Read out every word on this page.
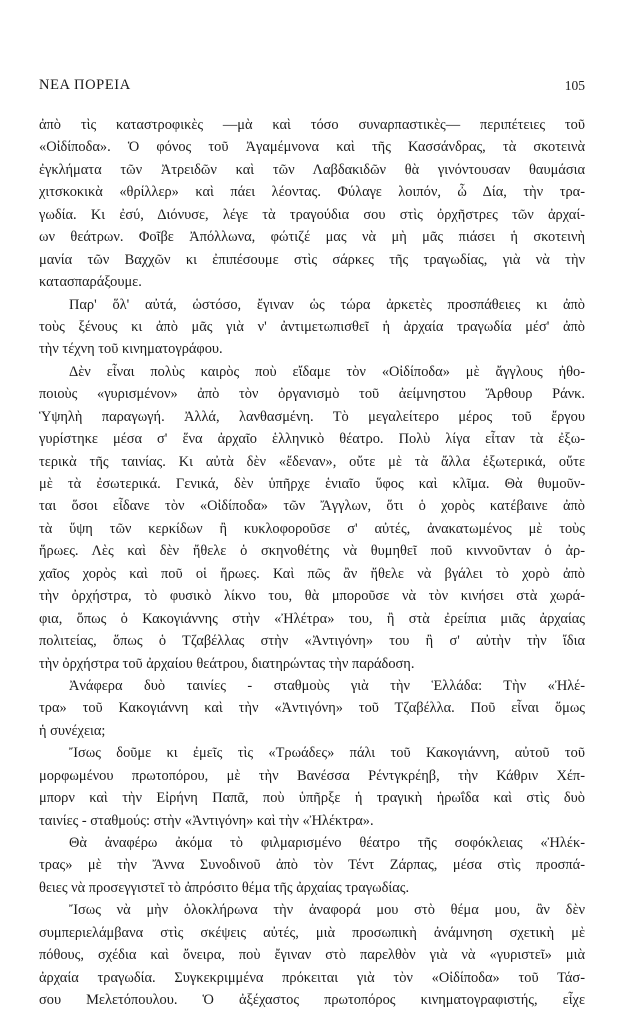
ΝΕΑ ΠΟΡΕΙΑ	105
ἀπὸ τὶς καταστροφικὲς —μὰ καὶ τόσο συναρπαστικὲς— περιπέτειες τοῦ
«Οἰδίποδα». Ὁ φόνος τοῦ Ἀγαμέμνονα καὶ τῆς Κασσάνδρας, τὰ σκοτεινὰ
ἐγκλήματα τῶν Ἀτρειδῶν καὶ τῶν Λαβδακιδῶν θὰ γινόντουσαν θαυμάσια
χιτσκοκικὰ «θρίλλερ» καὶ πάει λέοντας. Φύλαγε λοιπόν, ὦ Δία, τὴν τρα-
γωδία. Κι ἐσύ, Διόνυσε, λέγε τὰ τραγούδια σου στὶς ὀρχῆστρες τῶν ἀρχαί-
ων θεάτρων. Φοῖβε Ἀπόλλωνα, φώτιζέ μας νὰ μὴ μᾶς πιάσει ἡ σκοτεινὴ
μανία τῶν Βαχχῶν κι ἐπιπέσουμε στὶς σάρκες τῆς τραγωδίας, γιὰ νὰ τὴν
κατασπαράξουμε.
Παρ' ὅλ' αὐτά, ὡστόσο, ἔγιναν ὡς τώρα ἀρκετὲς προσπάθειες κι ἀπὸ
τοὺς ξένους κι ἀπὸ μᾶς γιὰ ν' ἀντιμετωπισθεῖ ἡ ἀρχαία τραγωδία μέσ' ἀπὸ
τὴν τέχνη τοῦ κινηματογράφου.
Δὲν εἶναι πολὺς καιρὸς ποὺ εἴδαμε τὸν «Οἰδίποδα» μὲ ἄγγλους ἠθο-
ποιοὺς «γυρισμένον» ἀπὸ τὸν ὀργανισμὸ τοῦ ἀείμνηστου Ἄρθουρ Ράνκ.
Ὑψηλὴ παραγωγή. Ἀλλά, λανθασμένη. Τὸ μεγαλείτερο μέρος τοῦ ἔργου
γυρίστηκε μέσα σ' ἕνα ἀρχαῖο ἑλληνικὸ θέατρο. Πολὺ λίγα εἶταν τὰ ἐξω-
τερικὰ τῆς ταινίας. Κι αὐτὰ δὲν «ἔδεναν», οὔτε μὲ τὰ ἄλλα ἐξωτερικά, οὔτε
μὲ τὰ ἐσωτερικά. Γενικά, δὲν ὑπῆρχε ἑνιαῖο ὕφος καὶ κλῖμα. Θὰ θυμοῦν-
ται ὅσοι εἶδανε τὸν «Οἰδίποδα» τῶν Ἄγγλων, ὅτι ὁ χορὸς κατέβαινε ἀπὸ
τὰ ὕψη τῶν κερκίδων ἢ κυκλοφοροῦσε σ' αὐτές, ἀνακατωμένος μὲ τοὺς
ἥρωες. Λὲς καὶ δὲν ἤθελε ὁ σκηνοθέτης νὰ θυμηθεῖ ποῦ κιννοῦνταν ὁ ἀρ-
χαῖος χορὸς καὶ ποῦ οἱ ἥρωες. Καὶ πῶς ἂν ἤθελε νὰ βγάλει τὸ χορὸ ἀπὸ
τὴν ὀρχήστρα, τὸ φυσικὸ λίκνο του, θὰ μποροῦσε νὰ τὸν κινήσει στὰ χωρά-
φια, ὅπως ὁ Κακογιάννης στὴν «Ἠλέτρα» του, ἢ στὰ ἐρείπια μιᾶς ἀρχαίας
πολιτείας, ὅπως ὁ Τζαβέλλας στὴν «Ἀντιγόνη» του ἢ σ' αὐτὴν τὴν ἴδια
τὴν ὀρχήστρα τοῦ ἀρχαίου θεάτρου, διατηρώντας τὴν παράδοση.
Ἀνάφερα δυὸ ταινίες - σταθμοὺς γιὰ τὴν Ἑλλάδα: Τὴν «Ἠλέ-
τρα» τοῦ Κακογιάννη καὶ τὴν «Ἀντιγόνη» τοῦ Τζαβέλλα. Ποῦ εἶναι ὅμως
ἡ συνέχεια;
Ἴσως δοῦμε κι ἐμεῖς τὶς «Τρωάδες» πάλι τοῦ Κακογιάννη, αὐτοῦ τοῦ
μορφωμένου πρωτοπόρου, μὲ τὴν Βανέσσα Ρέντγκρέηβ, τὴν Κάθριν Χέπ-
μπορν καὶ τὴν Εἰρήνη Παπᾶ, ποὺ ὑπῆρξε ἡ τραγικὴ ἡρωΐδα καὶ στὶς δυὸ
ταινίες - σταθμούς: στὴν «Ἀντιγόνη» καὶ τὴν «Ἠλέκτρα».
Θὰ ἀναφέρω ἀκόμα τὸ φιλμαρισμένο θέατρο τῆς σοφόκλειας «Ἠλέκ-
τρας» μὲ τὴν Ἄννα Συνοδινοῦ ἀπὸ τὸν Τέντ Ζάρπας, μέσα στὶς προσπά-
θειες νὰ προσεγγιστεῖ τὸ ἀπρόσιτο θέμα τῆς ἀρχαίας τραγωδίας.
Ἴσως νὰ μὴν ὁλοκλήρωνα τὴν ἀναφορά μου στὸ θέμα μου, ἂν δὲν
συμπεριελάμβανα στὶς σκέψεις αὐτές, μιὰ προσωπικὴ ἀνάμνηση σχετικὴ μὲ
πόθους, σχέδια καὶ ὄνειρα, ποὺ ἔγιναν στὸ παρελθὸν γιὰ νὰ «γυριστεῖ» μιὰ
ἀρχαία τραγωδία. Συγκεκριμμένα πρόκειται γιὰ τὸν «Οἰδίποδα» τοῦ Τάσ-
σου Μελετόπουλου. Ὁ ἀξέχαστος πρωτοπόρος κινηματογραφιστής, εἶχε
